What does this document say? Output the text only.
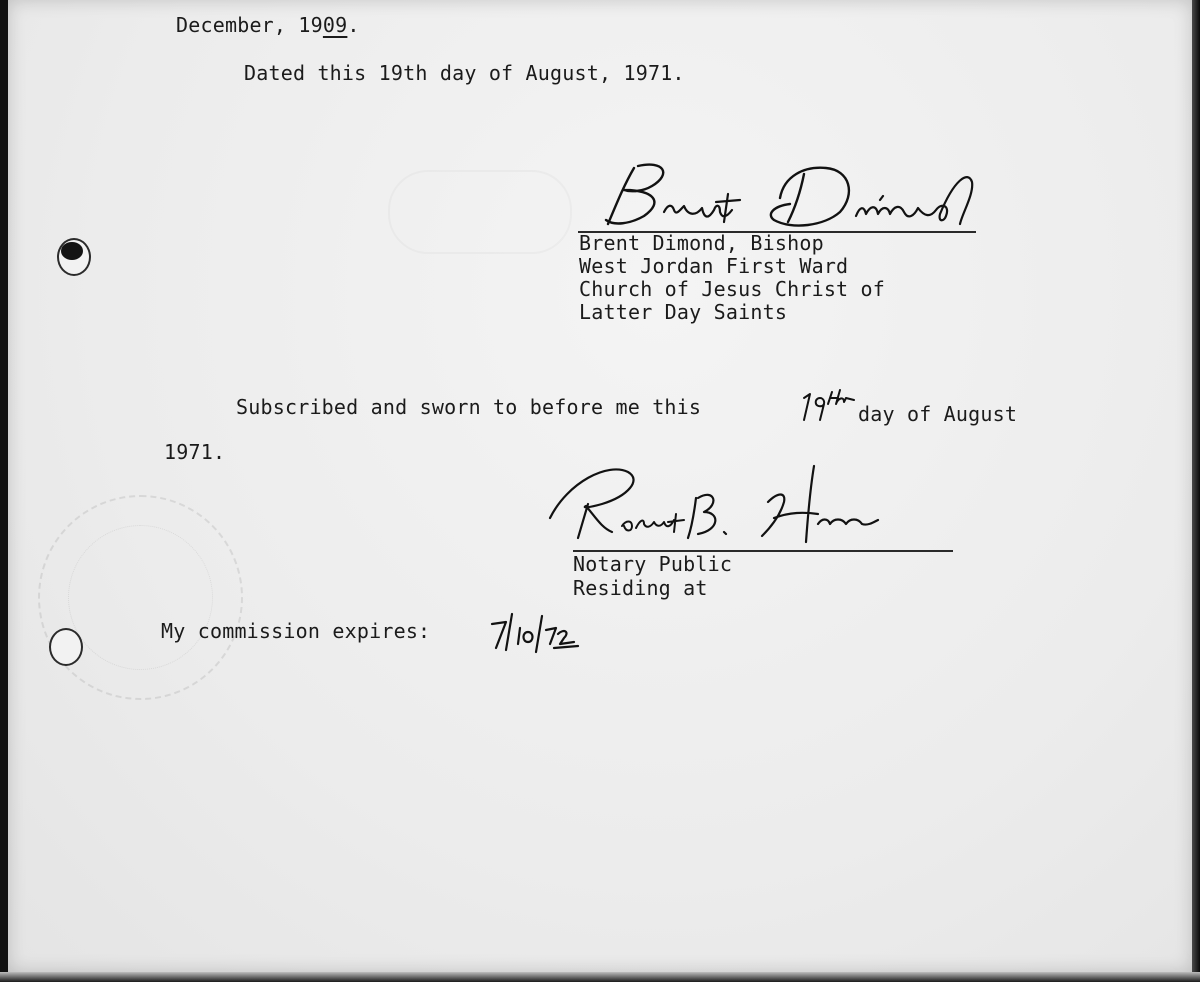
December, 1909.
Dated this 19th day of August, 1971.
Brent Dimond, Bishop
West Jordan First Ward
Church of Jesus Christ of
Latter Day Saints
Subscribed and sworn to before me this	day of August
1971.
Notary Public
Residing at
My commission expires:
